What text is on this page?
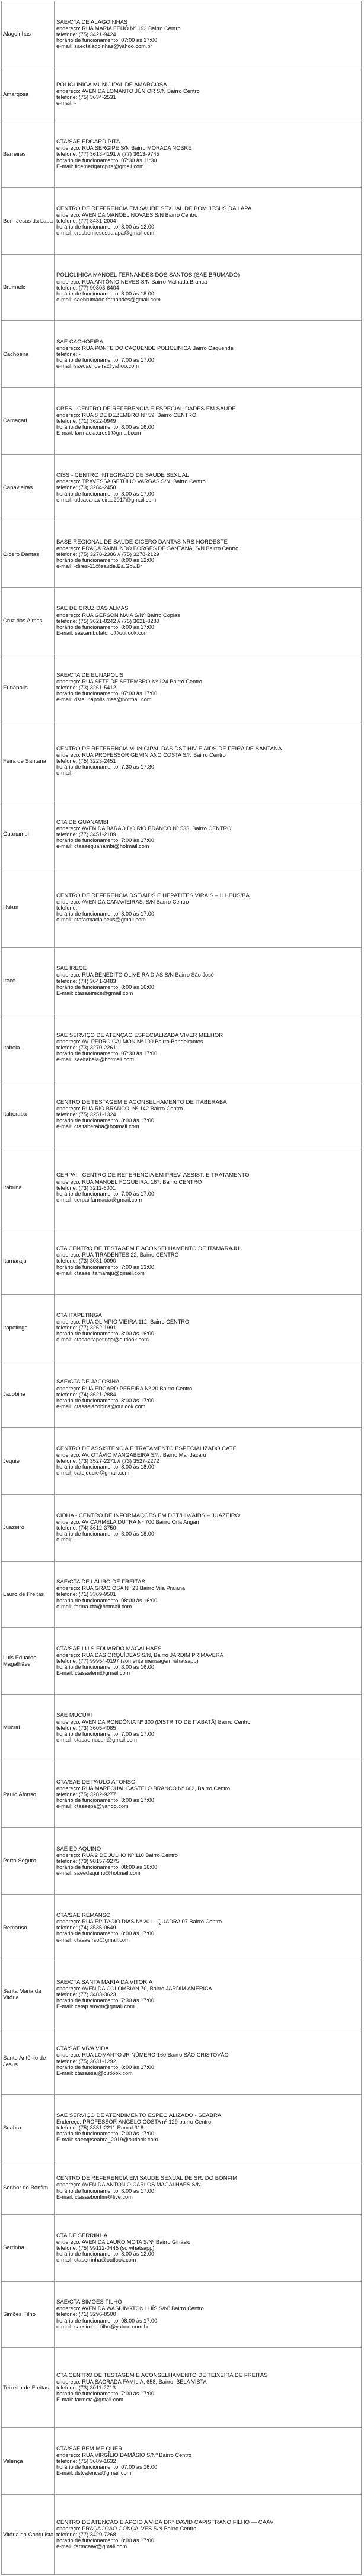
Alagoinhas	SAE/CTA DE ALAGOINHAS
endereço: RUA MARIA FEIJÓ Nº 193 Bairro Centro
telefone: (75) 3421-9424
horário de funcionamento: 07:00 às 17:00
e-mail: saectalagoinhas@yahoo.com.br

Amargosa	POLICLINICA MUNICIPAL DE AMARGOSA
endereço: AVENIDA LOMANTO JÚNIOR S/N Bairro Centro
telefone: (75) 3634-2531
e-mail: -

Barreiras	CTA/SAE EDGARD PITA
endereço: RUA SERGIPE S/N Bairro MORADA NOBRE
telefone: (77) 3613-4191 // (77) 3613-9745
horário de funcionamento: 07:30 às 11:30
E-mail: ficemedgardpita@gmail.com

Bom Jesus da Lapa	CENTRO DE REFERÊNCIA EM SAÚDE SEXUAL DE BOM JESUS DA LAPA
endereço: AVENIDA MANOEL NOVAES S/N Bairro Centro
telefone: (77) 3481-2004
horário de funcionamento: 8:00 às 12:00
e-mail: crssbomjesusdalapa@gmail.com

Brumado	POLICLINICA MANOEL FERNANDES DOS SANTOS (SAE BRUMADO)
endereço: RUA ANTÔNIO NEVES S/N Bairro Malhada Branca
telefone: (77) 99803-6404
horário de funcionamento: 8:00 às 18:00
e-mail: saebrumado.fernandes@gmail.com

Cachoeira	SAE CACHOEIRA
endereço: RUA PONTE DO CAQUENDE POLICLINICA Bairro Caquende
telefone: -
horário de funcionamento: 7:00 às 17:00
e-mail: saecachoeira@yahoo.com

Camaçari	CRES - CENTRO DE REFERÊNCIA E ESPECIALIDADES EM SAÚDE
endereço: RUA 8 DE DEZEMBRO Nº 59, Bairro CENTRO
telefone: (71) 3622-0949
horário de funcionamento: 8:00 às 16:00
E-mail: farmacia.cres1@gmail.com

Canavieiras	CISS - CENTRO INTEGRADO DE SAÚDE SEXUAL
endereço: TRAVESSA GETÚLIO VARGAS S/N, Bairro Centro
telefone: (73) 3284-2458
horário de funcionamento: 8:00 às 17:00
e-mail: udcacanavieiras2017@gmail.com

Cícero Dantas	BASE REGIONAL DE SAÚDE CÍCERO DANTAS NRS NORDESTE
endereço: PRAÇA RAIMUNDO BORGES DE SANTANA, S/N Bairro Centro
telefone: (75) 3278-2386 // (75) 3278-2129
horário de funcionamento: 8:00 às 12:00
e-mail: -dires-11@saude.Ba.Gov.Br

Cruz das Almas	SAE DE CRUZ DAS ALMAS
endereço: RUA GERSON MAIA S/Nº Bairro Coplas
telefone: (75) 3621-8242 // (75) 3621-8280
horário de funcionamento: 8:00 às 17:00
E-mail: sae.ambulatorio@outlook.com

Eunápolis	SAE/CTA DE EUNÁPOLIS
endereço: RUA SETE DE SETEMBRO Nº 124 Bairro Centro
telefone: (73) 3261-5412
horário de funcionamento: 07:00 às 17:00
e-mail: dsteunapolis.mes@hotmail.com

Feira de Santana	CENTRO DE REFERÊNCIA MUNICIPAL DAS DST HIV E AIDS DE FEIRA DE SANTANA
endereço: RUA PROFESSOR GEMINIANO COSTA S/N Bairro Centro
telefone: (75) 3223-2451
horário de funcionamento: 7:30 às 17:30
e-mail: -

Guanambi	CTA DE GUANAMBI
endereço: AVENIDA BARÃO DO RIO BRANCO Nº 533, Bairro CENTRO
telefone: (77) 3451-2189
horário de funcionamento: 7:00 às 17:00
e-mail: ctasaeguanambi@hotmail.com

Ilhéus	CENTRO DE REFERÊNCIA DST/AIDS E HEPATITES VIRAIS – ILHÉUS/BA
endereço: AVENIDA CANAVIEIRAS, S/N Bairro Centro
telefone: -
horário de funcionamento: 8:00 às 17:00
e-mail: ctafarmacialheus@gmail.com

Irecê	SAE IRECÊ
endereço: RUA BENEDITO OLIVEIRA DIAS S/N Bairro São José
telefone: (74) 3641-3483
horário de funcionamento: 8:00 às 16:00
E-mail: ctasaeirece@gmail.com

Itabela	SAE SERVIÇO DE ATENÇÃO ESPECIALIZADA VIVER MELHOR
endereço: AV. PEDRO CALMON Nº 100 Bairro Bandeirantes
telefone: (73) 3270-2261
horário de funcionamento: 07:30 às 17:00
e-mail: saeitabela@hotmail.com

Itaberaba	CENTRO DE TESTAGEM E ACONSELHAMENTO DE ITABERABA
endereço: RUA RIO BRANCO, Nº 142 Bairro Centro
telefone: (75) 3251-1324
horário de funcionamento: 8:00 às 17:00
e-mail: ctaitaberaba@hotmail.com

Itabuna	CERPAI - CENTRO DE REFERÊNCIA EM PREV. ASSIST. E TRATAMENTO
endereço: RUA MANOEL FOGUEIRA, 167, Bairro CENTRO
telefone: (73) 3211-6001
horário de funcionamento: 7:00 às 17:00
e-mail: cerpai.farmacia@gmail.com

Itamaraju	CTA CENTRO DE TESTAGEM E ACONSELHAMENTO DE ITAMARAJU
endereço: RUA TIRADENTES 22, Bairro CENTRO
telefone: (73) 3031-0090
horário de funcionamento: 7:00 às 13:00
e-mail: ctasae.itamaraju@gmail.com

Itapetinga	CTA ITAPETINGA
endereço: RUA OLIMPIO VIEIRA,112, Bairro CENTRO
telefone: (77) 3262-1991
horário de funcionamento: 8:00 às 16:00
e-mail: ctasaeitapetinga@outlook.com

Jacobina	SAE/CTA DE JACOBINA
endereço: RUA EDGARD PEREIRA Nº 20 Bairro Centro
telefone: (74) 3621-2884
horário de funcionamento: 8:00 às 17:00
e-mail: ctasaejacobina@outlook.com

Jequié	CENTRO DE ASSISTÊNCIA E TRATAMENTO ESPECIALIZADO CATE
endereço: AV. OTÁVIO MANGABEIRA S/N, Bairro Mandacaru
telefone: (73) 3527-2271 // (73) 3527-2272
horário de funcionamento: 8:00 às 18:00
e-mail: catejequie@gmail.com

Juazeiro	CIDHA - CENTRO DE INFORMAÇÕES EM DST/HIV/AIDS – JUAZEIRO
endereço: AV CARMELA DUTRA Nº 700 Bairro Orla Angari
telefone: (74) 3612-3750
horário de funcionamento: 8:00 às 18:00
e-mail: -

Lauro de Freitas	SAE/CTA DE LAURO DE FREITAS
endereço: RUA GRACIOSA Nº 23 Bairro Vila Praiana
telefone: (71) 3369-9501
horário de funcionamento: 08:00 às 16:00
e-mail: farma.cta@hotmail.com

Luís Eduardo Magalhães	CTA/SAE LUÍS EDUARDO MAGALHÃES
endereço: RUA DAS ORQUÍDEAS S/N, Bairro JARDIM PRIMAVERA
telefone: (77) 99954-0197 (somente mensagem whatsapp)
horário de funcionamento: 8:00 às 16:00
E-mail: ctasaelem@gmail.com

Mucuri	SAE MUCURI
endereço: AVENIDA RONDÔNIA Nº 300 (DISTRITO DE ITABATÃ) Bairro Centro
telefone: (73) 3605-4085
horário de funcionamento: 7:00 às 17:00
e-mail: ctasaemucuri@gmail.com

Paulo Afonso	CTA/SAE DE PAULO AFONSO
endereço: RUA MARECHAL CASTELO BRANCO Nº 662, Bairro Centro
telefone: (75) 3282-9277
horário de funcionamento: 8:00 às 17:00
e-mail: ctasaepa@yahoo.com

Porto Seguro	SAE ED AQUINO
endereço: RUA 2 DE JULHO Nº 110 Bairro Centro
telefone: (73) 98157-9275
horário de funcionamento: 08:00 às 16:00
e-mail: saeedaquino@hotmail.com

Remanso	CTA/SAE REMANSO
endereço: RUA EPITÁCIO DIAS Nº 201 - QUADRA 07 Bairro Centro
telefone: (74) 3535-0649
horário de funcionamento: 8:00 às 17:00
e-mail: ctasae.rso@gmail.com

Santa Maria da Vitória	SAE/CTA SANTA MARIA DA VITÓRIA
endereço: AVENIDA COLOMBIAN 70, Bairro JARDIM AMÉRICA
telefone: (77) 3483-3623
horário de funcionamento: 7:30 às 17:00
E-mail: cetap.smvm@gmail.com

Santo Antônio de Jesus	CTA/SAE VIVA VIDA
endereço: RUA LOMANTO JR NÚMERO 160 Bairro SÃO CRISTOVÃO
telefone: (75) 3631-1292
horário de funcionamento: 8:00 às 17:00
E-mail: ctasaesaj@outlook.com

Seabra	SAE SERVIÇO DE ATENDIMENTO ESPECIALIZADO - SEABRA
Endereço: PROFESSOR ÂNGELO COSTA nº 129 bairro Centro
telefone: (75) 3331-2211 Ramal 318
horário de funcionamento: 7:00 às 17:00
E-mail: saeotpseabra_2019@outlook.com

Senhor do Bonfim	CENTRO DE REFERÊNCIA EM SAÚDE SEXUAL DE SR. DO BONFIM
endereço: AVENIDA ANTÔNIO CARLOS MAGALHÃES S/N
horário de funcionamento: 8:00 às 17:00
E-mail: ctasaebonfim@live.com

Serrinha	CTA DE SERRINHA
endereço: AVENIDA LAURO MOTA S/Nº Bairro Ginásio
telefone: (75) 99112-0445 (só whatsapp)
horário de funcionamento: 8:00 às 12:00
e-mail: ctaserrinha@outlook.com

Simões Filho	SAE/CTA SIMÕES FILHO
endereço: AVENIDA WASHINGTON LUÍS S/Nº Bairro Centro
telefone: (71) 3296-8500
horário de funcionamento: 08:00 às 17:00
e-mail: saesimoesfilho@yahoo.com.br

Teixeira de Freitas	CTA CENTRO DE TESTAGEM E ACONSELHAMENTO DE TEIXEIRA DE FREITAS
endereço: RUA SAGRADA FAMÍLIA, 658, Bairro, BELA VISTA
telefone: (73) 3011-2713
horário de funcionamento: 7:00 às 17:00
E-mail: farmcta@gmail.com

Valença	CTA/SAE BEM ME QUER
endereço: RUA VIRGÍLIO DAMÁSIO S/Nº Bairro Centro
telefone: (75) 3689-1632
horário de funcionamento: 07:00 às 16:00
E-mail: dstvalenca@gmail.com

Vitória da Conquista	CENTRO DE ATENÇÃO E APOIO A VIDA DR° DAVID CAPISTRANO FILHO — CAAV
endereço: PRAÇA JOÃO GONÇALVES S/N Bairro Centro
telefone: (77) 3429-7268
horário de funcionamento: 8:00 às 17:00
e-mail: farmcaav@gmail.com
